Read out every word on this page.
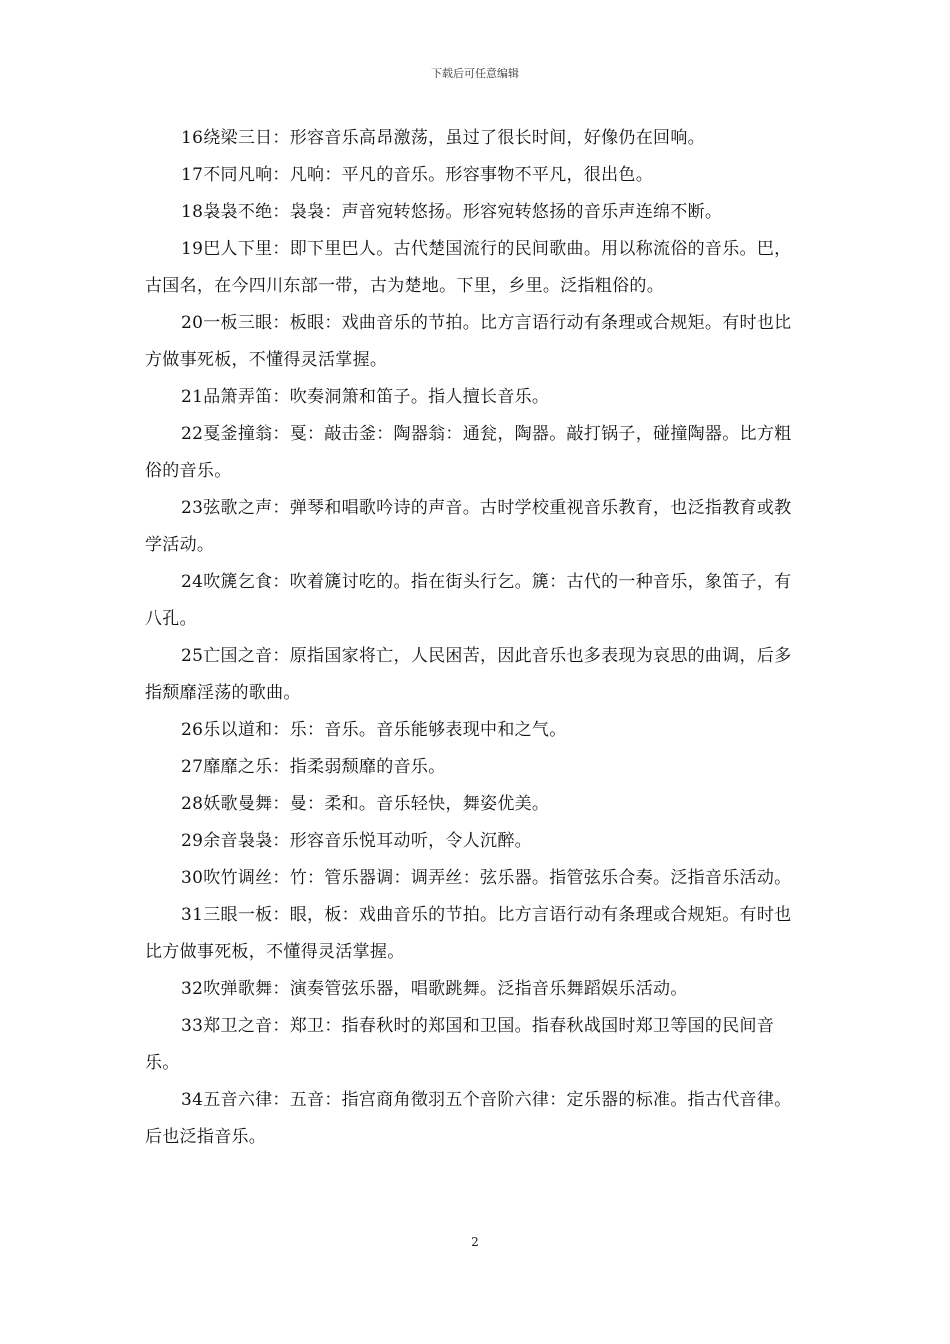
下载后可任意编辑

16绕梁三日：形容音乐高昂激荡，虽过了很长时间，好像仍在回响。

17不同凡响：凡响：平凡的音乐。形容事物不平凡，很出色。

18袅袅不绝：袅袅：声音宛转悠扬。形容宛转悠扬的音乐声连绵不断。

19巴人下里：即下里巴人。古代楚国流行的民间歌曲。用以称流俗的音乐。巴，古国名，在今四川东部一带，古为楚地。下里，乡里。泛指粗俗的。

20一板三眼：板眼：戏曲音乐的节拍。比方言语行动有条理或合规矩。有时也比方做事死板，不懂得灵活掌握。

21品箫弄笛：吹奏洞箫和笛子。指人擅长音乐。

22戛釜撞翁：戛：敲击釜：陶器翁：通瓮，陶器。敲打锅子，碰撞陶器。比方粗俗的音乐。

23弦歌之声：弹琴和唱歌吟诗的声音。古时学校重视音乐教育，也泛指教育或教学活动。

24吹篪乞食：吹着篪讨吃的。指在街头行乞。篪：古代的一种音乐，象笛子，有八孔。

25亡国之音：原指国家将亡，人民困苦，因此音乐也多表现为哀思的曲调，后多指颓靡淫荡的歌曲。

26乐以道和：乐：音乐。音乐能够表现中和之气。

27靡靡之乐：指柔弱颓靡的音乐。

28妖歌曼舞：曼：柔和。音乐轻快，舞姿优美。

29余音袅袅：形容音乐悦耳动听，令人沉醉。

30吹竹调丝：竹：管乐器调：调弄丝：弦乐器。指管弦乐合奏。泛指音乐活动。

31三眼一板：眼，板：戏曲音乐的节拍。比方言语行动有条理或合规矩。有时也比方做事死板，不懂得灵活掌握。

32吹弹歌舞：演奏管弦乐器，唱歌跳舞。泛指音乐舞蹈娱乐活动。

33郑卫之音：郑卫：指春秋时的郑国和卫国。指春秋战国时郑卫等国的民间音乐。

34五音六律：五音：指宫商角徵羽五个音阶六律：定乐器的标准。指古代音律。后也泛指音乐。

2
